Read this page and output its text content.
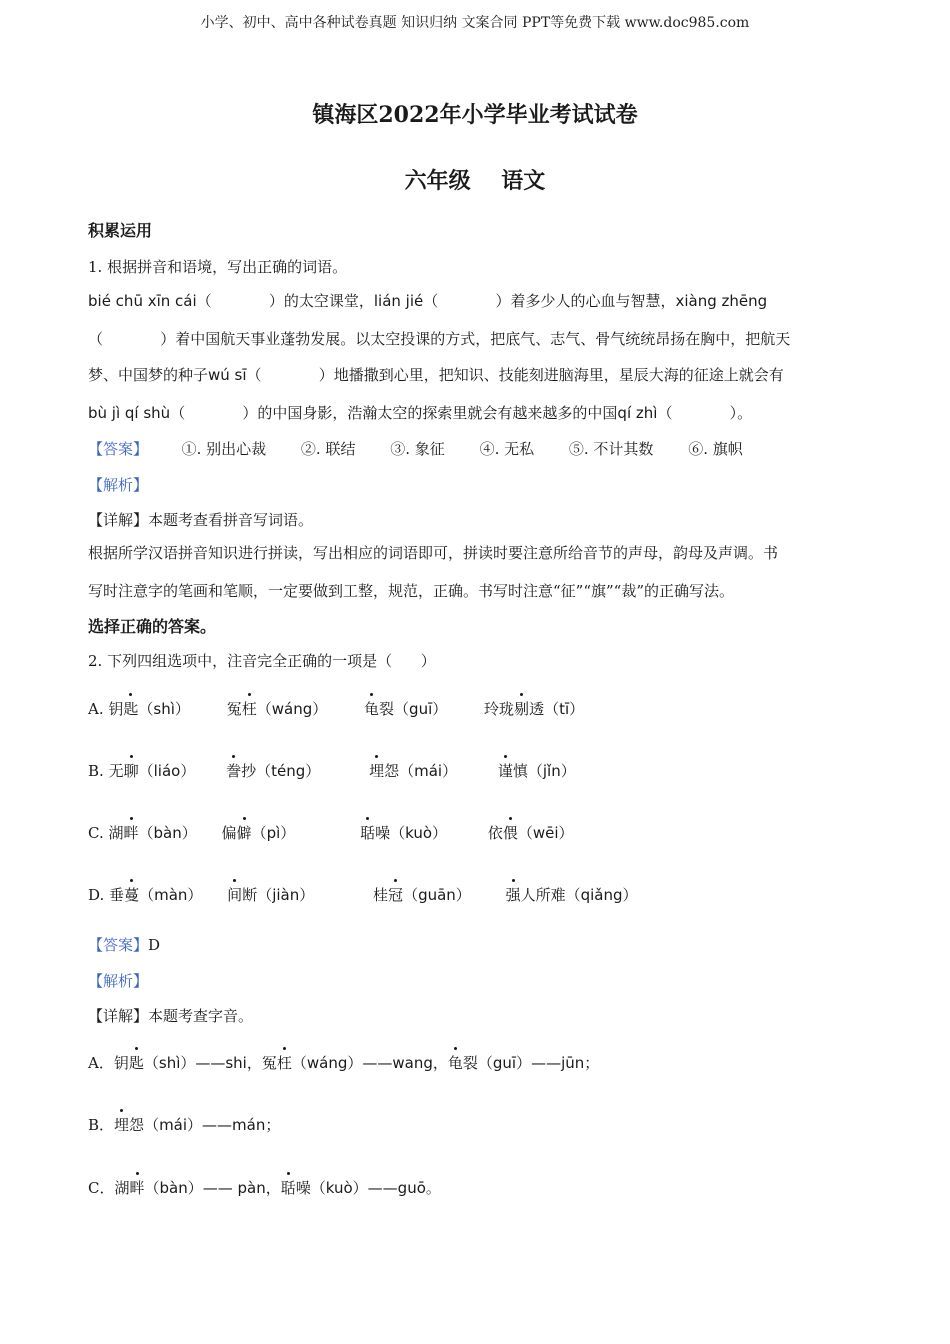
小学、初中、高中各种试卷真题 知识归纳 文案合同 PPT等免费下载 www.doc985.com
镇海区2022年小学毕业考试试卷
六年级    语文
积累运用
1. 根据拼音和语境，写出正确的词语。
bié chū xīn cái（            ）的太空课堂，lián jié（            ）着多少人的心血与智慧，xiàng zhēng
（            ）着中国航天事业蓬勃发展。以太空投课的方式，把底气、志气、骨气统统昂扬在胸中，把航天
梦、中国梦的种子wú sī（            ）地播撒到心里，把知识、技能刻进脑海里，星辰大海的征途上就会有
bù jì qí shù（            ）的中国身影，浩瀚太空的探索里就会有越来越多的中国qí zhì（            ）。
【答案】 ①. 别出心裁 ②. 联结 ③. 象征 ④. 无私 ⑤. 不计其数 ⑥. 旗帜
【解析】
【详解】本题考查看拼音写词语。
根据所学汉语拼音知识进行拼读，写出相应的词语即可，拼读时要注意所给音节的声母，韵母及声调。书
写时注意字的笔画和笔顺，一定要做到工整，规范，正确。书写时注意“征”“旗”“裁”的正确写法。
选择正确的答案。
2. 下列四组选项中，注音完全正确的一项是（      ）
A. 钥匙（shì） 冤枉（wáng） 龟裂（guī） 玲珑剔透（tī）
B. 无聊（liáo） 誊抄（téng）	埋怨（mái）	谨慎（jǐn）
C. 湖畔（bàn） 偏僻（pì）	聒噪（kuò）	依偎（wēi）
D. 垂蔓（màn） 间断（jiàn）	桂冠（guān） 强人所难（qiǎng）
【答案】D
【解析】
【详解】本题考查字音。
A．钥匙（shì）——shi，冤枉（wáng）——wang，龟裂（guī）——jūn；
B．埋怨（mái）——mán；
C．湖畔（bàn）—— pàn，聒噪（kuò）——guō。
